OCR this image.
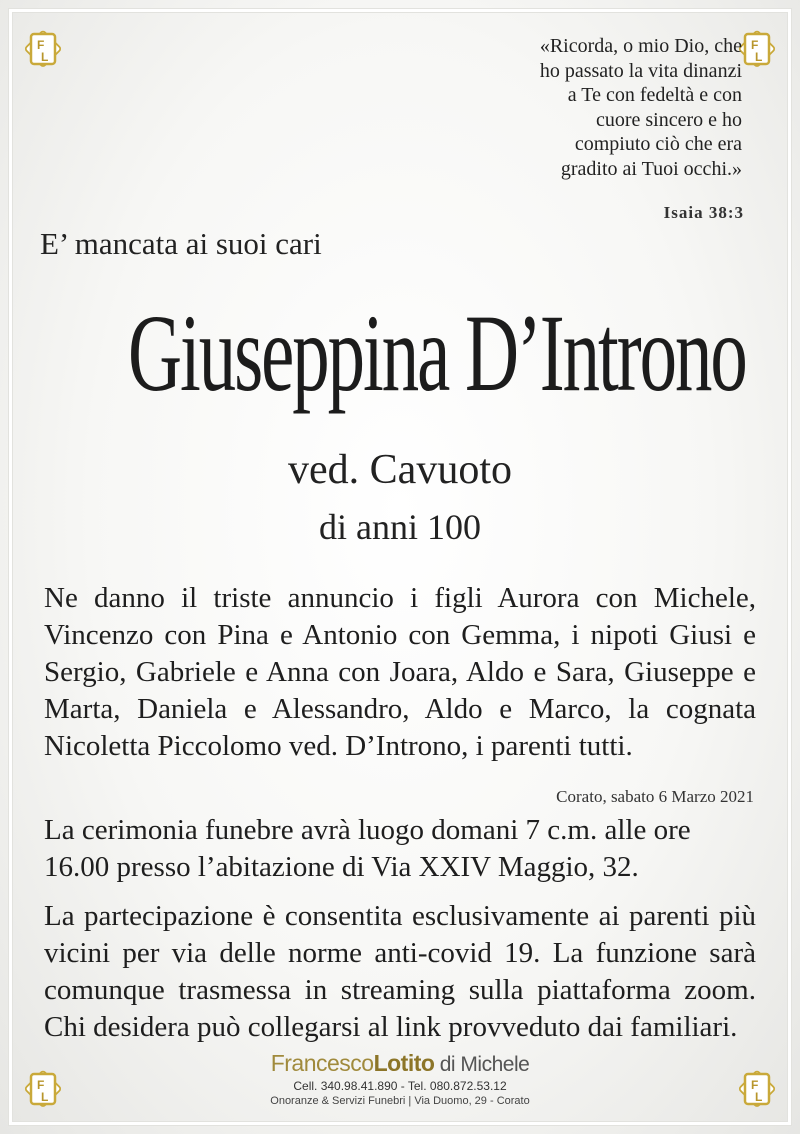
F
L
F
L
F
L
F
L
«Ricorda, o mio Dio, che
ho passato la vita dinanzi
a Te con fedeltà e con
cuore sincero e ho
compiuto ciò che era
gradito ai Tuoi occhi.»
Isaia 38:3
E’ mancata ai suoi cari
Giuseppina D’Introno
ved. Cavuoto
di anni 100
Ne danno il triste annuncio i figli Aurora con Michele, Vincenzo con Pina e Antonio con Gemma, i nipoti Giusi e Sergio, Gabriele e Anna con Joara, Aldo e Sara, Giuseppe e Marta, Daniela e Alessandro, Aldo e Marco, la cognata Nicoletta Piccolomo ved. D’Introno, i parenti tutti.
Corato, sabato 6 Marzo 2021
La cerimonia funebre avrà luogo domani 7 c.m. alle ore 16.00 presso l’abitazione di Via XXIV Maggio, 32.
La partecipazione è consentita esclusivamente ai parenti più vicini per via delle norme anti-covid 19. La funzione sarà comunque trasmessa in streaming sulla piattaforma zoom. Chi desidera può collegarsi al link provveduto dai familiari.
FrancescoLotito di Michele
Cell. 340.98.41.890 - Tel. 080.872.53.12
Onoranze & Servizi Funebri | Via Duomo, 29 - Corato
